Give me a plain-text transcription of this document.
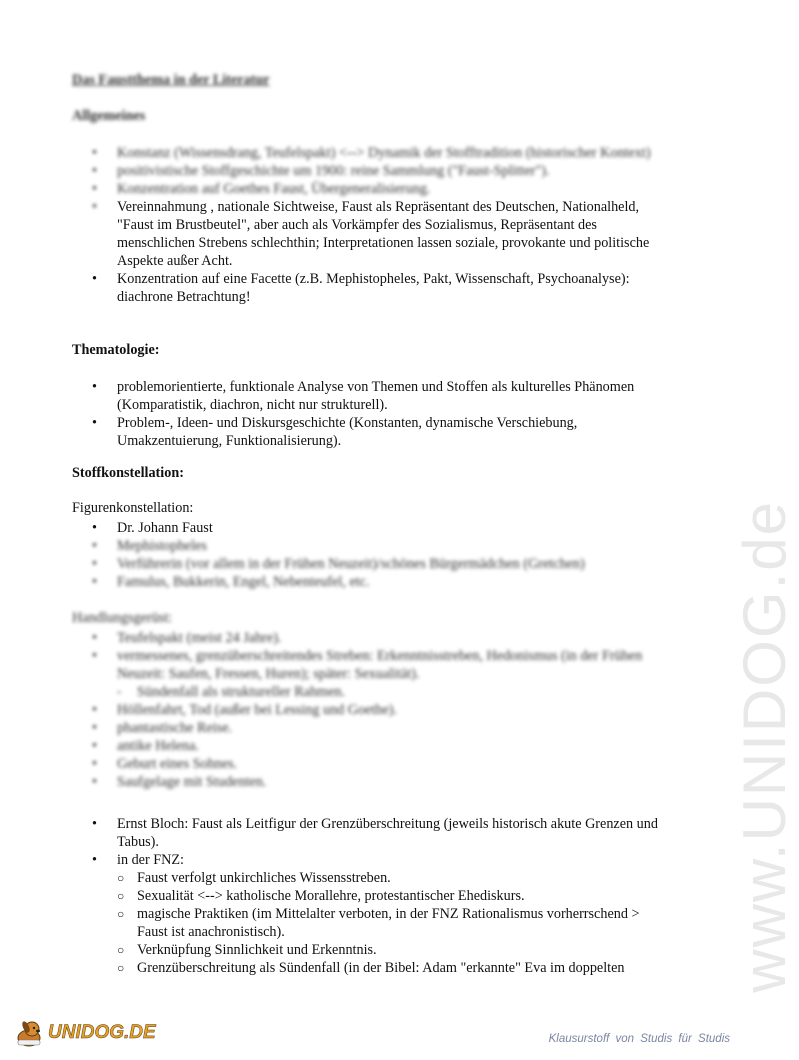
www.UNIDOG.de

Das Faustthema in der Literatur

Allgemeines

• Konstanz (Wissensdrang, Teufelspakt) <--> Dynamik der Stofftradition (historischer Kontext)
• positivistische Stoffgeschichte um 1900: reine Sammlung ("Faust-Splitter").
• Konzentration auf Goethes Faust, Übergeneralisierung.
• Vereinnahmung , nationale Sichtweise, Faust als Repräsentant des Deutschen, Nationalheld, "Faust im Brustbeutel", aber auch als Vorkämpfer des Sozialismus, Repräsentant des menschlichen Strebens schlechthin; Interpretationen lassen soziale, provokante und politische Aspekte außer Acht.
• Konzentration auf eine Facette (z.B. Mephistopheles, Pakt, Wissenschaft, Psychoanalyse): diachrone Betrachtung!

Thematologie:

• problemorientierte, funktionale Analyse von Themen und Stoffen als kulturelles Phänomen (Komparatistik, diachron, nicht nur strukturell).
• Problem-, Ideen- und Diskursgeschichte (Konstanten, dynamische Verschiebung, Umakzentuierung, Funktionalisierung).

Stoffkonstellation:

Figurenkonstellation:

• Dr. Johann Faust
• Mephistopheles
• Verführerin (vor allem in der Frühen Neuzeit)/schönes Bürgermädchen (Gretchen)
• Famulus, Bukkerin, Engel, Nebenteufel, etc.

Handlungsgerüst:

• Teufelspakt (meist 24 Jahre).
• vermessenes, grenzüberschreitendes Streben: Erkenntnisstreben, Hedonismus (in der Frühen Neuzeit: Saufen, Fressen, Huren); später: Sexualität).
◦ Sündenfall als struktureller Rahmen.
• Höllenfahrt, Tod (außer bei Lessing und Goethe).
• phantastische Reise.
• antike Helena.
• Geburt eines Sohnes.
• Saufgelage mit Studenten.
• Ernst Bloch: Faust als Leitfigur der Grenzüberschreitung (jeweils historisch akute Grenzen und Tabus).
• in der FNZ:
○ Faust verfolgt unkirchliches Wissensstreben.
○ Sexualität <--> katholische Morallehre, protestantischer Ehediskurs.
○ magische Praktiken (im Mittelalter verboten, in der FNZ Rationalismus vorherrschend > Faust ist anachronistisch).
○ Verknüpfung Sinnlichkeit und Erkenntnis.
○ Grenzüberschreitung als Sündenfall (in der Bibel: Adam "erkannte" Eva im doppelten
UNIDOG.DE	Klausurstoff von Studis für Studis
